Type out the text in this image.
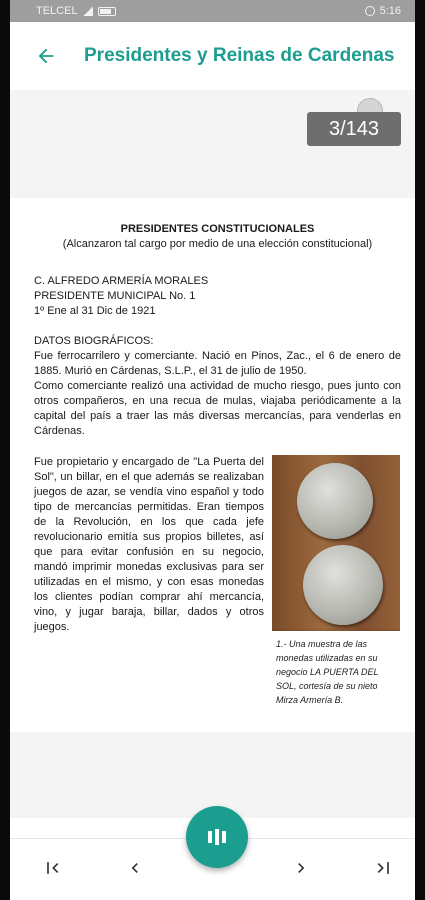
TELCEL	5:16
Presidentes y Reinas de Cardenas
3/143
PRESIDENTES CONSTITUCIONALES
(Alcanzaron tal cargo por medio de una elección constitucional)
C. ALFREDO ARMERÍA MORALES
PRESIDENTE MUNICIPAL No. 1
1º Ene al 31 Dic de 1921
DATOS BIOGRÁFICOS:
Fue ferrocarrilero y comerciante. Nació en Pinos, Zac., el 6 de enero de 1885. Murió en Cárdenas, S.L.P., el 31 de julio de 1950.
Como comerciante realizó una actividad de mucho riesgo, pues junto con otros compañeros, en una recua de mulas, viajaba periódicamente a la capital del país a traer las más diversas mercancías, para venderlas en Cárdenas.
Fue propietario y encargado de "La Puerta del Sol", un billar, en el que además se realizaban juegos de azar, se vendía vino español y todo tipo de mercancías permitidas. Eran tiempos de la Revolución, en los que cada jefe revolucionario emitía sus propios billetes, así que para evitar confusión en su negocio, mandó imprimir monedas exclusivas para ser utilizadas en el mismo, y con esas monedas los clientes podían comprar ahí mercancía, vino, y jugar baraja, billar, dados y otros juegos.
1.- Una muestra de las monedas utilizadas en su negocio LA PUERTA DEL SOL, cortesía de su nieto Mirza Armería B.
